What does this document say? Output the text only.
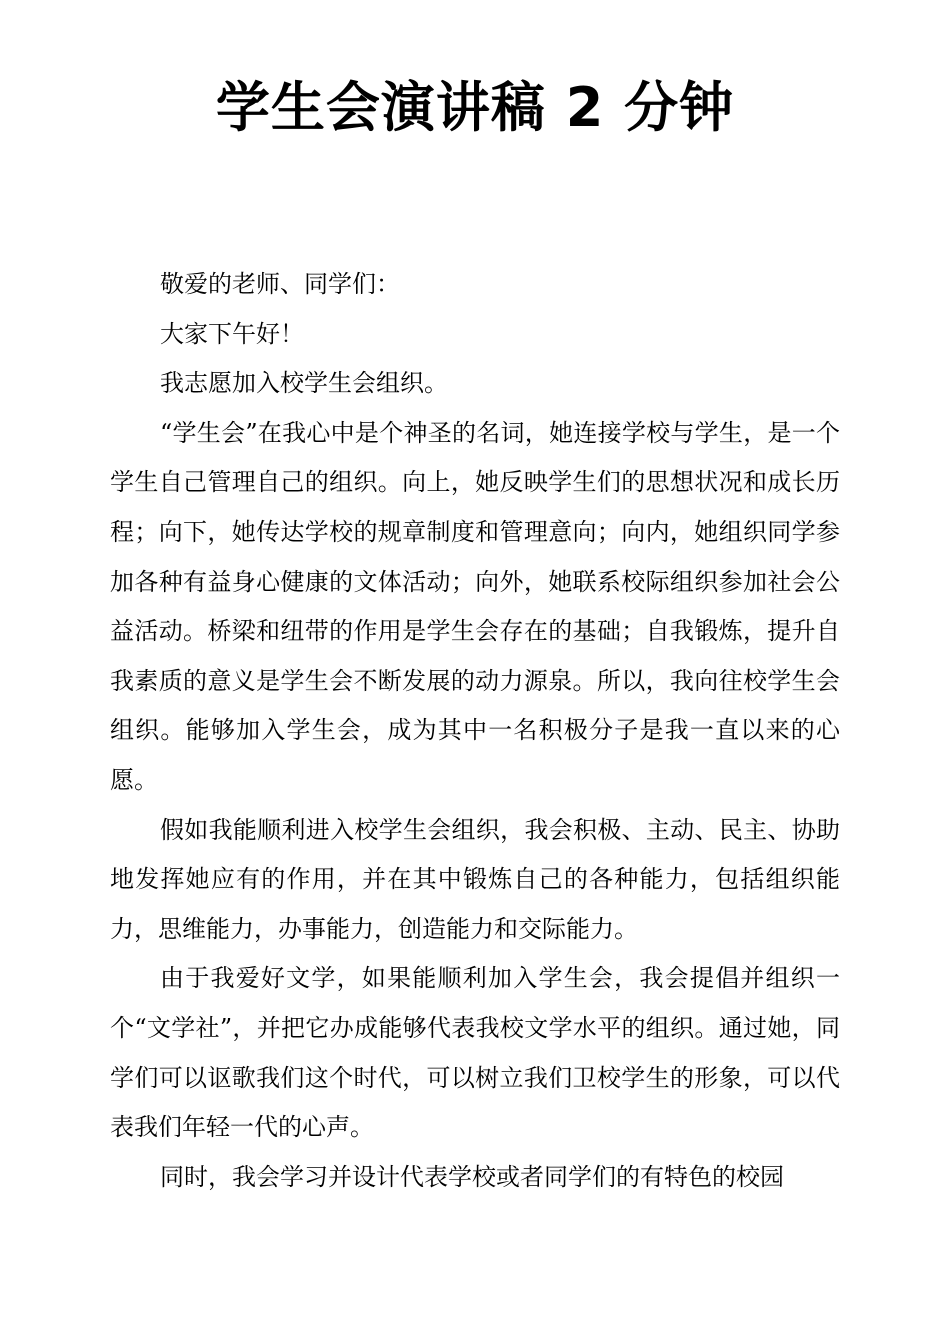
学生会演讲稿 2 分钟

敬爱的老师、同学们：

大家下午好！

我志愿加入校学生会组织。

“学生会”在我心中是个神圣的名词，她连接学校与学生，是一个学生自己管理自己的组织。向上，她反映学生们的思想状况和成长历程；向下，她传达学校的规章制度和管理意向；向内，她组织同学参加各种有益身心健康的文体活动；向外，她联系校际组织参加社会公益活动。桥梁和纽带的作用是学生会存在的基础；自我锻炼，提升自我素质的意义是学生会不断发展的动力源泉。所以，我向往校学生会组织。能够加入学生会，成为其中一名积极分子是我一直以来的心愿。

假如我能顺利进入校学生会组织，我会积极、主动、民主、协助地发挥她应有的作用，并在其中锻炼自己的各种能力，包括组织能力，思维能力，办事能力，创造能力和交际能力。

由于我爱好文学，如果能顺利加入学生会，我会提倡并组织一个“文学社”，并把它办成能够代表我校文学水平的组织。通过她，同学们可以讴歌我们这个时代，可以树立我们卫校学生的形象，可以代表我们年轻一代的心声。

同时，我会学习并设计代表学校或者同学们的有特色的校园
